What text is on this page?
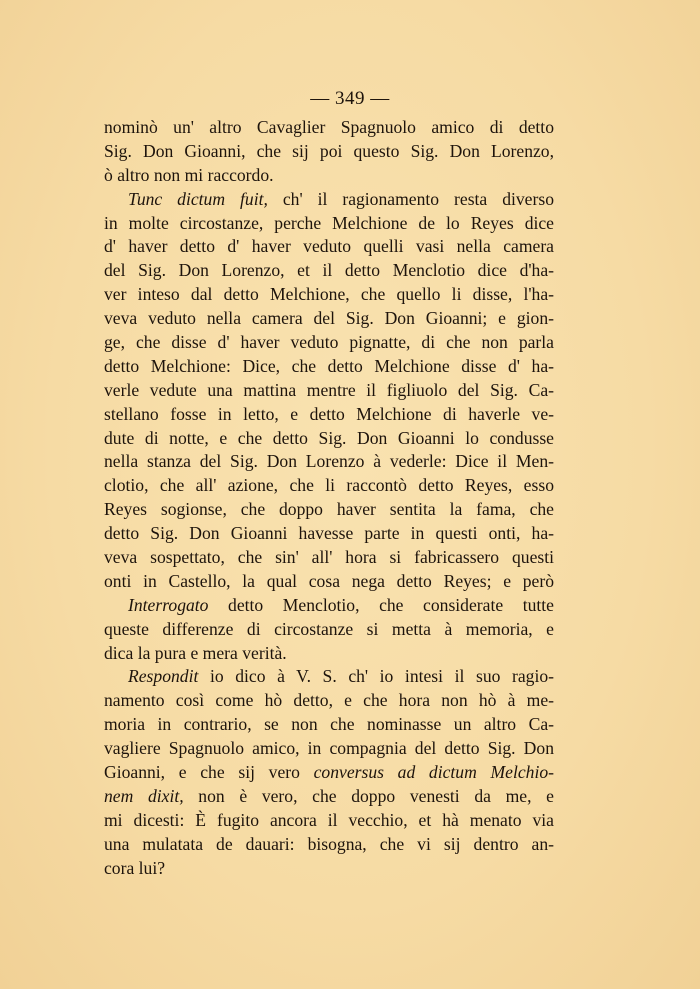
— 349 —
nominò un' altro Cavaglier Spagnuolo amico di detto
Sig. Don Gioanni, che sij poi questo Sig. Don Lorenzo,
ò altro non mi raccordo.
Tunc dictum fuit, ch' il ragionamento resta diverso
in molte circostanze, perche Melchione de lo Reyes dice
d' haver detto d' haver veduto quelli vasi nella camera
del Sig. Don Lorenzo, et il detto Menclotio dice d'ha-
ver inteso dal detto Melchione, che quello li disse, l'ha-
veva veduto nella camera del Sig. Don Gioanni; e gion-
ge, che disse d' haver veduto pignatte, di che non parla
detto Melchione: Dice, che detto Melchione disse d' ha-
verle vedute una mattina mentre il figliuolo del Sig. Ca-
stellano fosse in letto, e detto Melchione di haverle ve-
dute di notte, e che detto Sig. Don Gioanni lo condusse
nella stanza del Sig. Don Lorenzo à vederle: Dice il Men-
clotio, che all' azione, che li raccontò detto Reyes, esso
Reyes sogionse, che doppo haver sentita la fama, che
detto Sig. Don Gioanni havesse parte in questi onti, ha-
veva sospettato, che sin' all' hora si fabricassero questi
onti in Castello, la qual cosa nega detto Reyes; e però
Interrogato detto Menclotio, che considerate tutte
queste differenze di circostanze si metta à memoria, e
dica la pura e mera verità.
Respondit io dico à V. S. ch' io intesi il suo ragio-
namento così come hò detto, e che hora non hò à me-
moria in contrario, se non che nominasse un altro Ca-
vagliere Spagnuolo amico, in compagnia del detto Sig. Don
Gioanni, e che sij vero conversus ad dictum Melchio-
nem dixit, non è vero, che doppo venesti da me, e
mi dicesti: È fugito ancora il vecchio, et hà menato via
una mulatata de dauari: bisogna, che vi sij dentro an-
cora lui?
